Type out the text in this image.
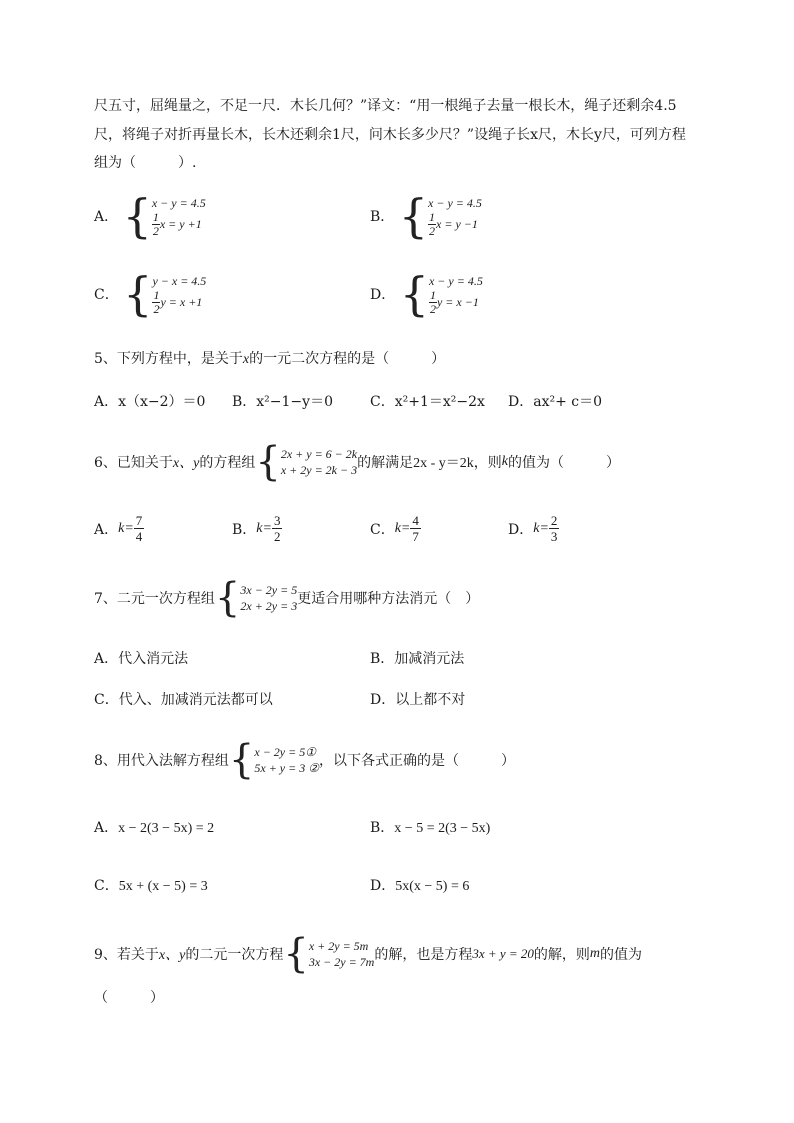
尺五寸，屈绳量之，不足一尺．木长几何？”译文：“用一根绳子去量一根长木，绳子还剩余4.5
尺，将绳子对折再量长木，长木还剩余1尺，问木长多少尺？”设绳子长x尺，木长y尺，可列方程
组为（　　　）.
A． { x − y = 4.5
$\frac{1}{2}$ x = y +1	B． { x − y = 4.5
$\frac{1}{2}$ x = y −1
C． { y − x = 4.5
$\frac{1}{2}$ y = x +1	D． { x − y = 4.5
$\frac{1}{2}$ y = x −1
5、下列方程中，是关于x的一元二次方程的是（　　　）
A．x（x−2）＝0 B．x²−1−y＝0	C．x²+1＝x²−2x D．ax²+ c＝0
6、已知关于 x、y 的方程组 { 2x + y = 6 − 2k
x + 2y = 2k − 3 的解满足 2x - y＝2k ，则 k 的值为（　　　）
A． $k= \frac{7}{4}$	B． $k= \frac{3}{2}$	C． $k= \frac{4}{7}$	D． $k= \frac{2}{3}$
7、二元一次方程组 { 3x − 2y = 5
2x + 2y = 3 更适合用哪种方法消元（　）
A．代入消元法	B．加减消元法
C．代入、加减消元法都可以	D．以上都不对
8、用代入法解方程组 { x − 2y = 5①
5x + y = 3 ② ，以下各式正确的是（　　　）
A．x − 2(3 − 5x) = 2	B．x − 5 = 2(3 − 5x)
C．5x + (x − 5) = 3	D．5x(x − 5) = 6
9、若关于 x、y 的二元一次方程 { x + 2y = 5m
3x − 2y = 7m 的解，也是方程 3x + y = 20 的解，则 m 的值为
（　　　）
